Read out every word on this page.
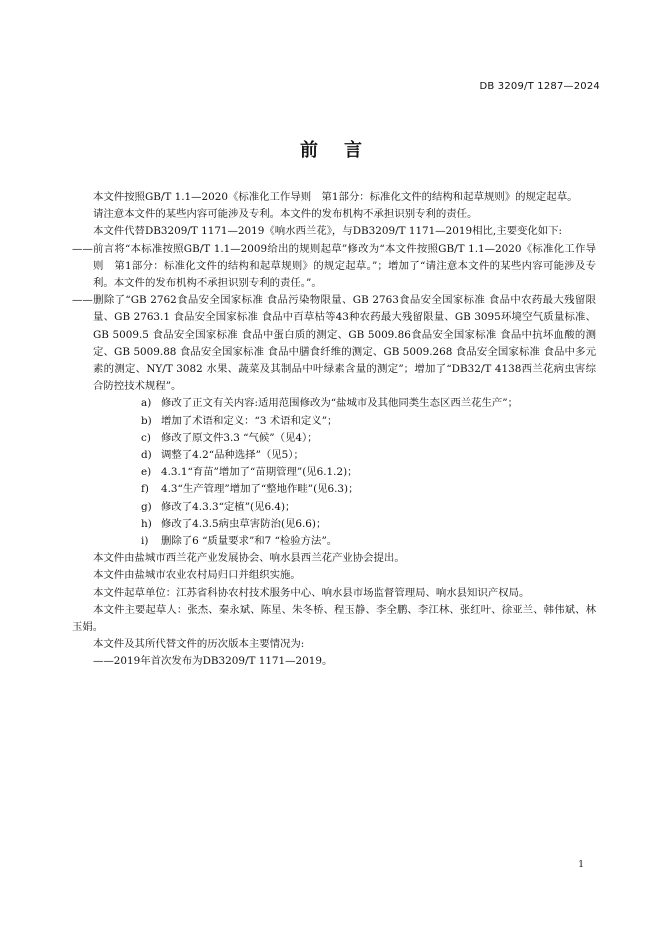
DB 3209/T 1287—2024
前言

本文件按照GB/T 1.1—2020《标准化工作导则　第1部分：标准化文件的结构和起草规则》的规定起草。

请注意本文件的某些内容可能涉及专利。本文件的发布机构不承担识别专利的责任。

本文件代替DB3209/T 1171—2019《响水西兰花》，与DB3209/T 1171—2019相比,主要变化如下:

——前言将“本标准按照GB/T 1.1—2009给出的规则起草”修改为“本文件按照GB/T 1.1—2020《标准化工作导则　第1部分：标准化文件的结构和起草规则》的规定起草。”；增加了“请注意本文件的某些内容可能涉及专利。本文件的发布机构不承担识别专利的责任。”。

——删除了“GB 2762食品安全国家标准 食品污染物限量、GB 2763食品安全国家标准 食品中农药最大残留限量、GB 2763.1 食品安全国家标准 食品中百草枯等43种农药最大残留限量、GB 3095环境空气质量标准、GB 5009.5 食品安全国家标准 食品中蛋白质的测定、GB 5009.86食品安全国家标准 食品中抗坏血酸的测定、GB 5009.88 食品安全国家标准 食品中膳食纤维的测定、GB 5009.268 食品安全国家标准 食品中多元素的测定、NY/T 3082 水果、蔬菜及其制品中叶绿素含量的测定”；增加了“DB32/T 4138西兰花病虫害综合防控技术规程”。

a) 修改了正文有关内容:适用范围修改为“盐城市及其他同类生态区西兰花生产”；
b) 增加了术语和定义：“3 术语和定义”；
c) 修改了原文件3.3 “气候”（见4）；
d) 调整了4.2“品种选择”（见5）；
e) 4.3.1“育苗”增加了“苗期管理”(见6.1.2)；
f)	4.3“生产管理”增加了“整地作畦”(见6.3)；
g) 修改了4.3.3“定植”(见6.4)；
h) 修改了4.3.5病虫草害防治(见6.6)；
i)	删除了6 “质量要求”和7 “检验方法”。

本文件由盐城市西兰花产业发展协会、响水县西兰花产业协会提出。

本文件由盐城市农业农村局归口并组织实施。

本文件起草单位：江苏省科协农村技术服务中心、响水县市场监督管理局、响水县知识产权局。

本文件主要起草人：张杰、秦永斌、陈星、朱冬桥、程玉静、李全鹏、李江林、张红叶、徐亚兰、韩伟斌、林玉娟。

本文件及其所代替文件的历次版本主要情况为:

——2019年首次发布为DB3209/T 1171—2019。

1
